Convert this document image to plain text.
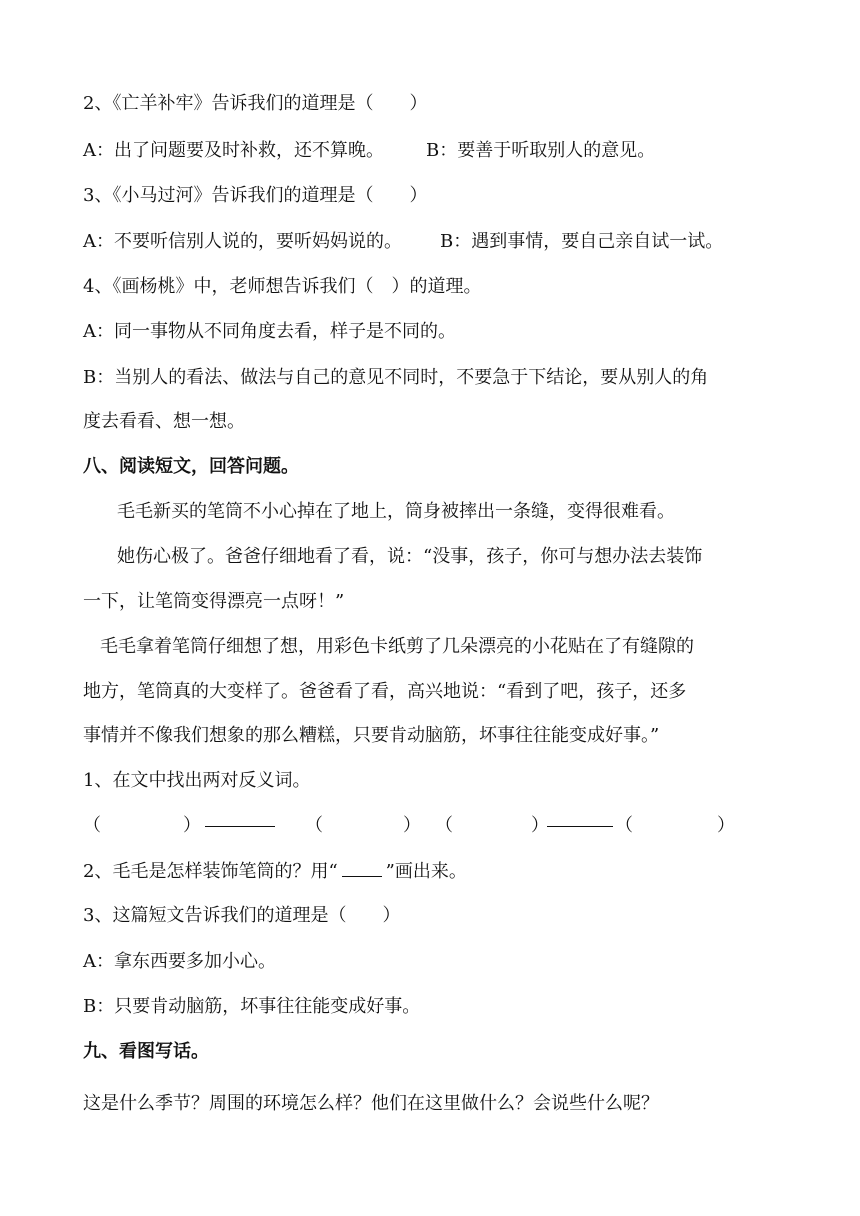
2、《亡羊补牢》告诉我们的道理是（　　）
A：出了问题要及时补救，还不算晚。 B：要善于听取别人的意见。
3、《小马过河》告诉我们的道理是（　　）
A：不要听信别人说的，要听妈妈说的。 B：遇到事情，要自己亲自试一试。
4、《画杨桃》中，老师想告诉我们（　）的道理。
A：同一事物从不同角度去看，样子是不同的。
B：当别人的看法、做法与自己的意见不同时，不要急于下结论，要从别人的角
度去看看、想一想。
八、阅读短文，回答问题。
毛毛新买的笔筒不小心掉在了地上，筒身被摔出一条缝，变得很难看。
她伤心极了。爸爸仔细地看了看，说：“没事，孩子，你可与想办法去装饰
一下，让笔筒变得漂亮一点呀！”
毛毛拿着笔筒仔细想了想，用彩色卡纸剪了几朵漂亮的小花贴在了有缝隙的
地方，笔筒真的大变样了。爸爸看了看，高兴地说：“看到了吧，孩子，还多
事情并不像我们想象的那么糟糕，只要肯动脑筋，坏事往往能变成好事。”
1、在文中找出两对反义词。
（	）	（	） （	）	（	）
2、毛毛是怎样装饰笔筒的？用“	”画出来。
3、这篇短文告诉我们的道理是（　　）
A：拿东西要多加小心。
B：只要肯动脑筋，坏事往往能变成好事。
九、看图写话。
这是什么季节？周围的环境怎么样？他们在这里做什么？会说些什么呢？
